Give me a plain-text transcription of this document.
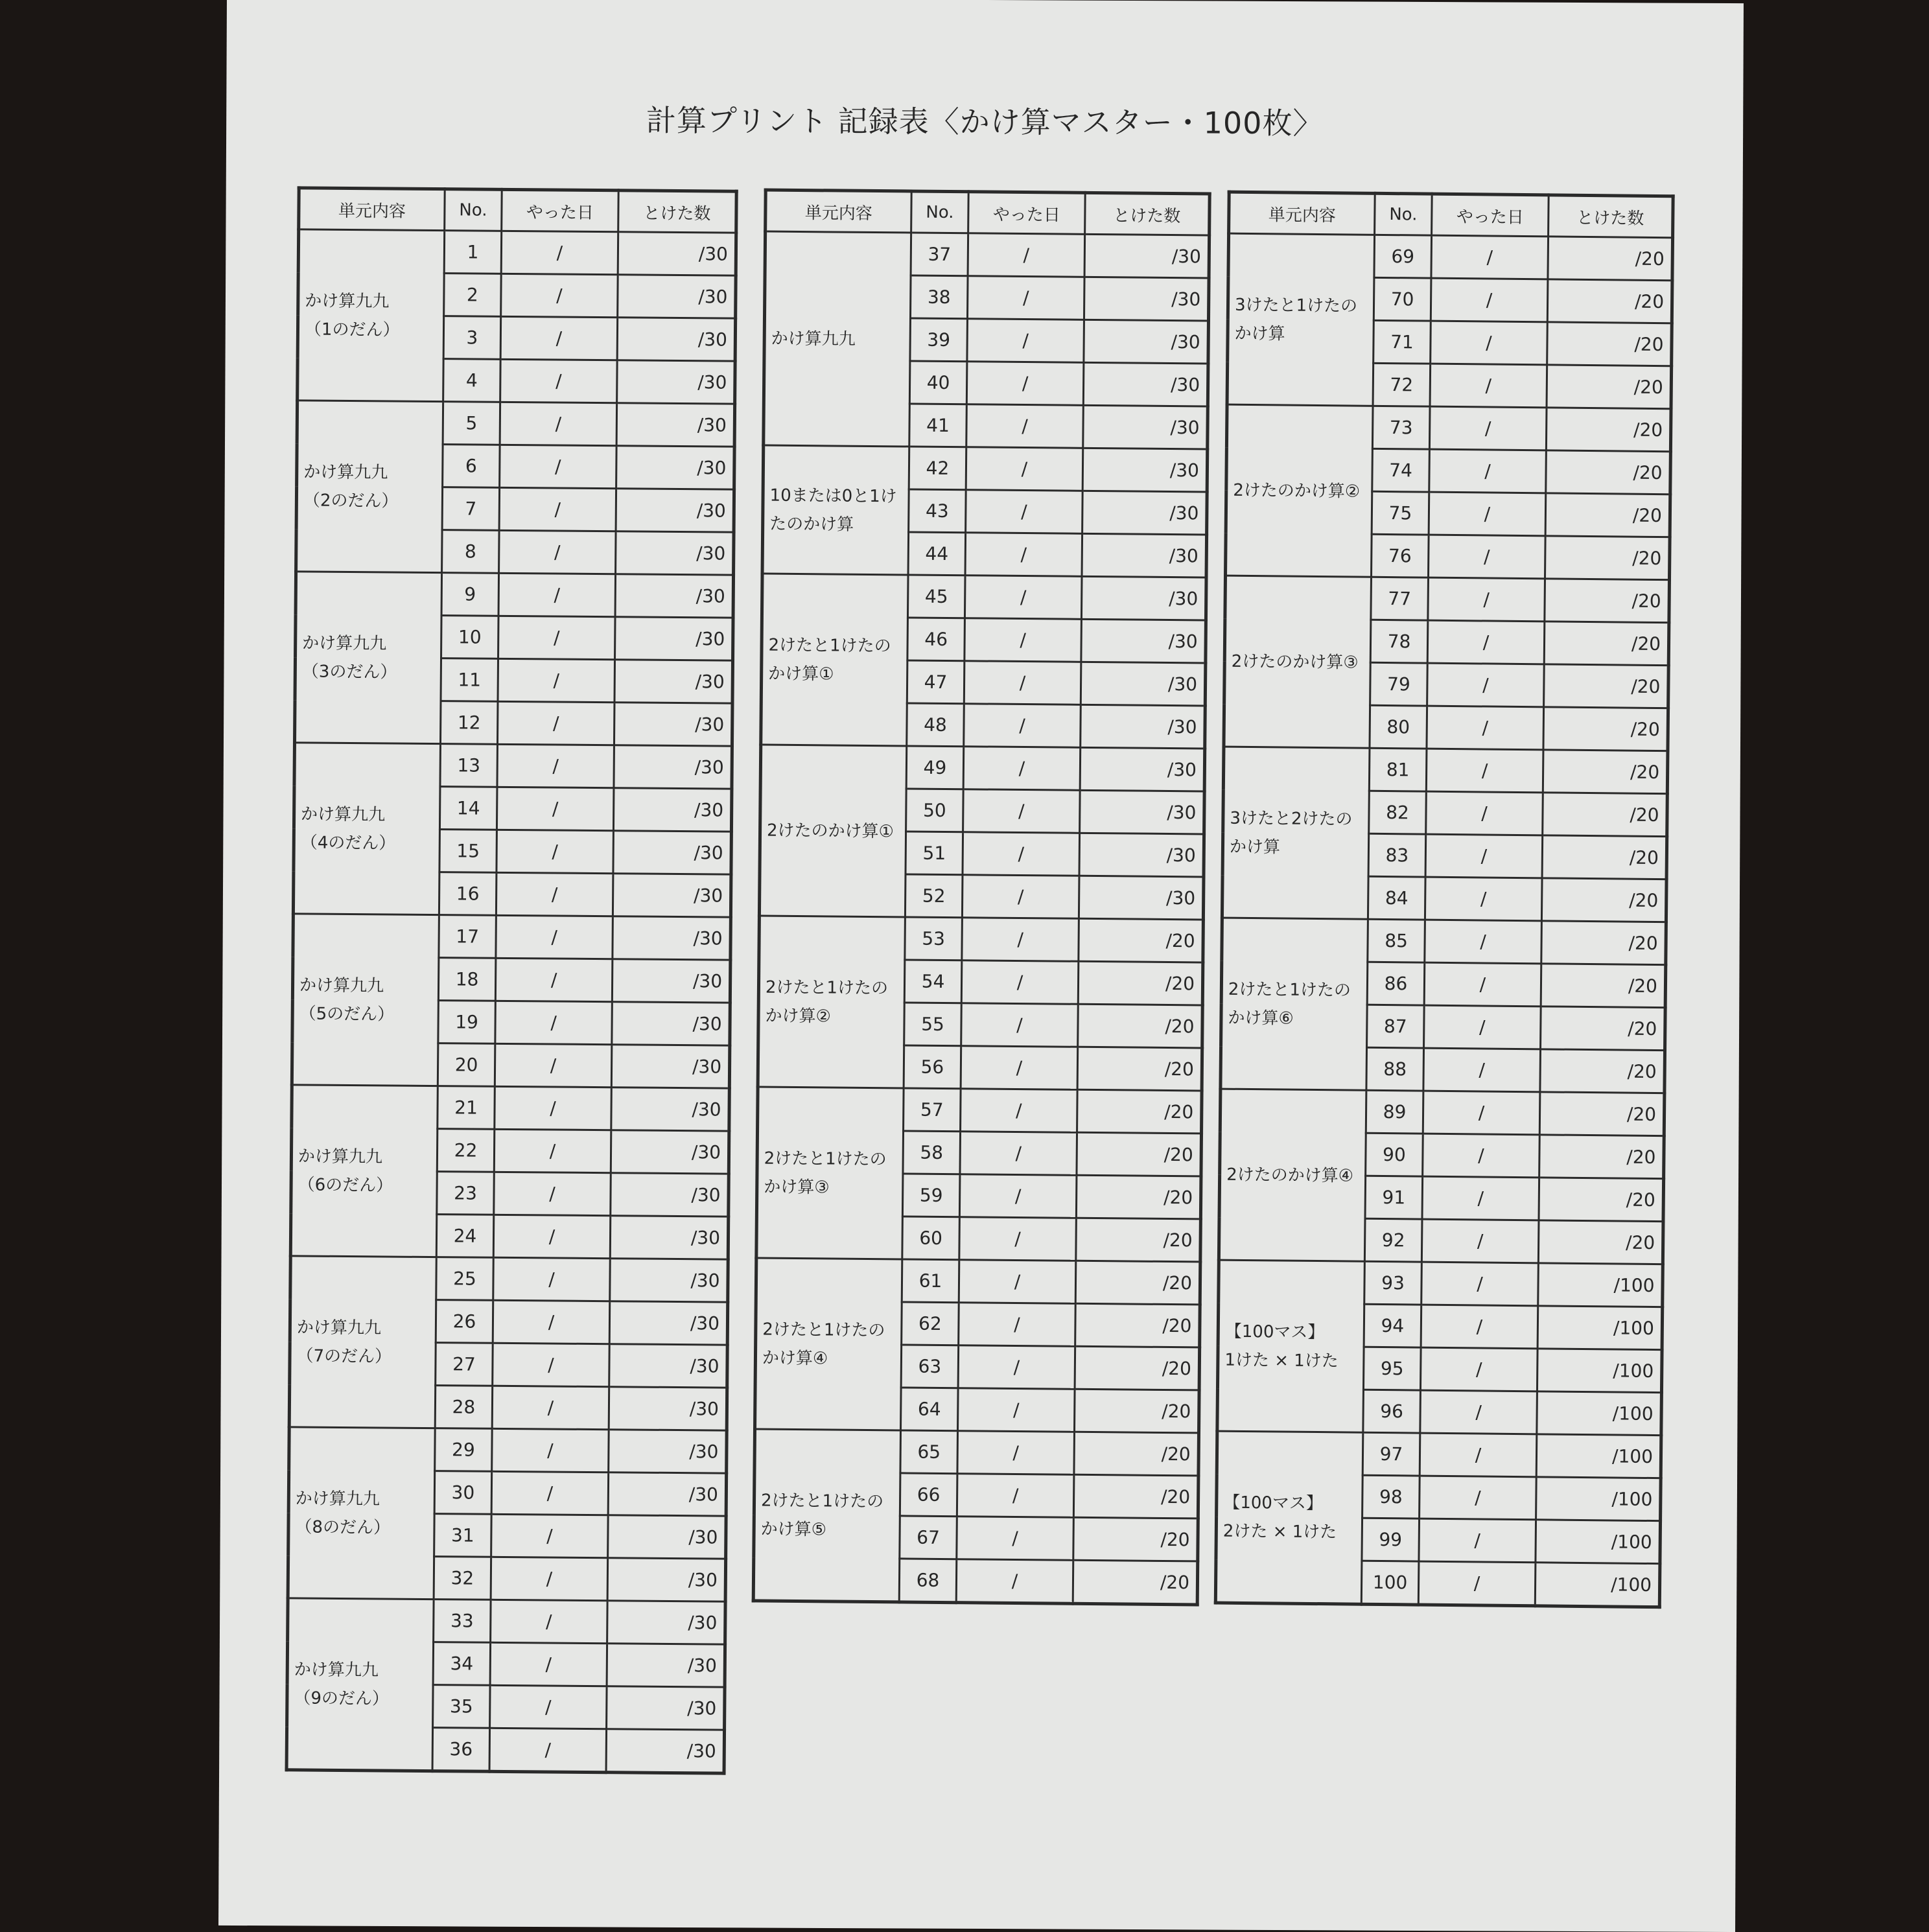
計算プリント 記録表〈かけ算マスター・100枚〉
単元内容	No.	やった日	とけた数
かけ算九九
（1のだん）	1	/	/30
	2	/	/30
	3	/	/30
	4	/	/30
かけ算九九
（2のだん）	5	/	/30
	6	/	/30
	7	/	/30
	8	/	/30
かけ算九九
（3のだん）	9	/	/30
	10	/	/30
	11	/	/30
	12	/	/30
かけ算九九
（4のだん）	13	/	/30
	14	/	/30
	15	/	/30
	16	/	/30
かけ算九九
（5のだん）	17	/	/30
	18	/	/30
	19	/	/30
	20	/	/30
かけ算九九
（6のだん）	21	/	/30
	22	/	/30
	23	/	/30
	24	/	/30
かけ算九九
（7のだん）	25	/	/30
	26	/	/30
	27	/	/30
	28	/	/30
かけ算九九
（8のだん）	29	/	/30
	30	/	/30
	31	/	/30
	32	/	/30
かけ算九九
（9のだん）	33	/	/30
	34	/	/30
	35	/	/30
	36	/	/30
単元内容	No.	やった日	とけた数
かけ算九九	37	/	/30
	38	/	/30
	39	/	/30
	40	/	/30
	41	/	/30
10または0と1け
たのかけ算	42	/	/30
	43	/	/30
	44	/	/30
2けたと1けたの
かけ算①	45	/	/30
	46	/	/30
	47	/	/30
	48	/	/30
2けたのかけ算①	49	/	/30
	50	/	/30
	51	/	/30
	52	/	/30
2けたと1けたの
かけ算②	53	/	/20
	54	/	/20
	55	/	/20
	56	/	/20
2けたと1けたの
かけ算③	57	/	/20
	58	/	/20
	59	/	/20
	60	/	/20
2けたと1けたの
かけ算④	61	/	/20
	62	/	/20
	63	/	/20
	64	/	/20
2けたと1けたの
かけ算⑤	65	/	/20
	66	/	/20
	67	/	/20
	68	/	/20
単元内容	No.	やった日	とけた数
3けたと1けたの
かけ算	69	/	/20
	70	/	/20
	71	/	/20
	72	/	/20
2けたのかけ算②	73	/	/20
	74	/	/20
	75	/	/20
	76	/	/20
2けたのかけ算③	77	/	/20
	78	/	/20
	79	/	/20
	80	/	/20
3けたと2けたの
かけ算	81	/	/20
	82	/	/20
	83	/	/20
	84	/	/20
2けたと1けたの
かけ算⑥	85	/	/20
	86	/	/20
	87	/	/20
	88	/	/20
2けたのかけ算④	89	/	/20
	90	/	/20
	91	/	/20
	92	/	/20
【100マス】
1けた × 1けた	93	/	/100
	94	/	/100
	95	/	/100
	96	/	/100
【100マス】
2けた × 1けた	97	/	/100
	98	/	/100
	99	/	/100
	100	/	/100
